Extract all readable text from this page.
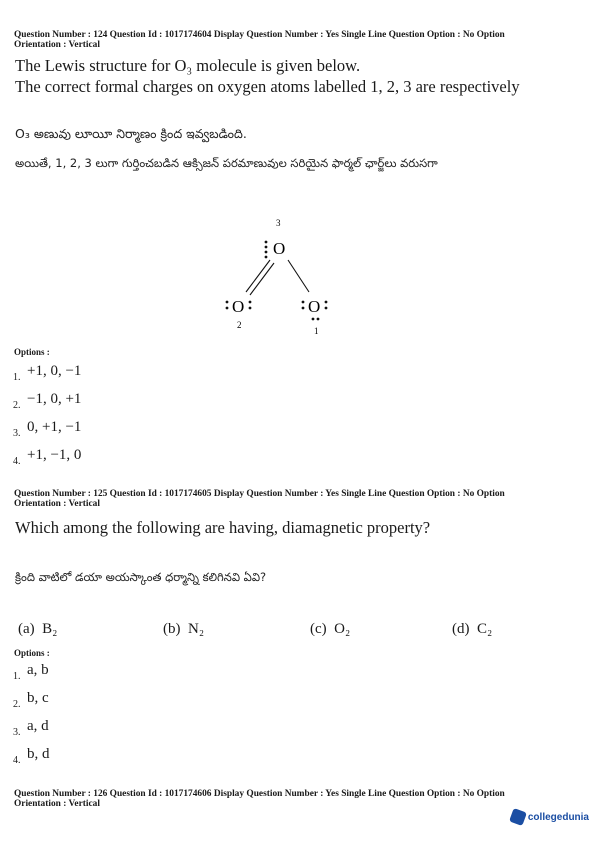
Question Number : 124 Question Id : 1017174604 Display Question Number : Yes Single Line Question Option : No Option
Orientation : Vertical
The Lewis structure for O₃ molecule is given below.
The correct formal charges on oxygen atoms labelled 1, 2, 3 are respectively
O₃ అణువు లూయీ నిర్మాణం క్రింద ఇవ్వబడింది.
అయితే, 1, 2, 3 లుగా గుర్తించబడిన ఆక్సిజన్ పరమాణువుల సరియైన ఫార్మల్ ఛార్జ్‌లు వరుసగా
3
O
O
2
O
1
Options :
1. +1, 0, −1
2. −1, 0, +1
3. 0, +1, −1
4. +1, −1, 0
Question Number : 125 Question Id : 1017174605 Display Question Number : Yes Single Line Question Option : No Option
Orientation : Vertical
Which among the following are having, diamagnetic property?
క్రింది వాటిలో డయా అయస్కాంత ధర్మాన్ని కలిగినవి ఏవి?
(a) B₂	(b) N₂	(c) O₂	(d) C₂
Options :
1. a, b
2. b, c
3. a, d
4. b, d
Question Number : 126 Question Id : 1017174606 Display Question Number : Yes Single Line Question Option : No Option
Orientation : Vertical
collegedunia
